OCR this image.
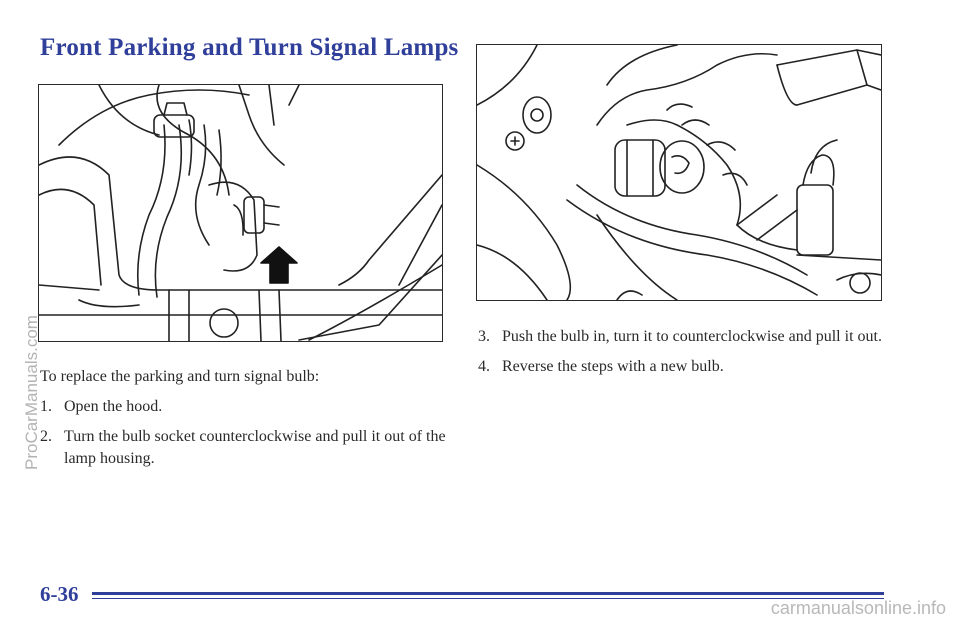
Front Parking and Turn Signal Lamps

To replace the parking and turn signal bulb:

1. Open the hood.
2. Turn the bulb socket counterclockwise and pull it out of the lamp housing.
3. Push the bulb in, turn it to counterclockwise and pull it out.
4. Reverse the steps with a new bulb.
6-36
ProCarManuals.com
carmanualsonline.info
